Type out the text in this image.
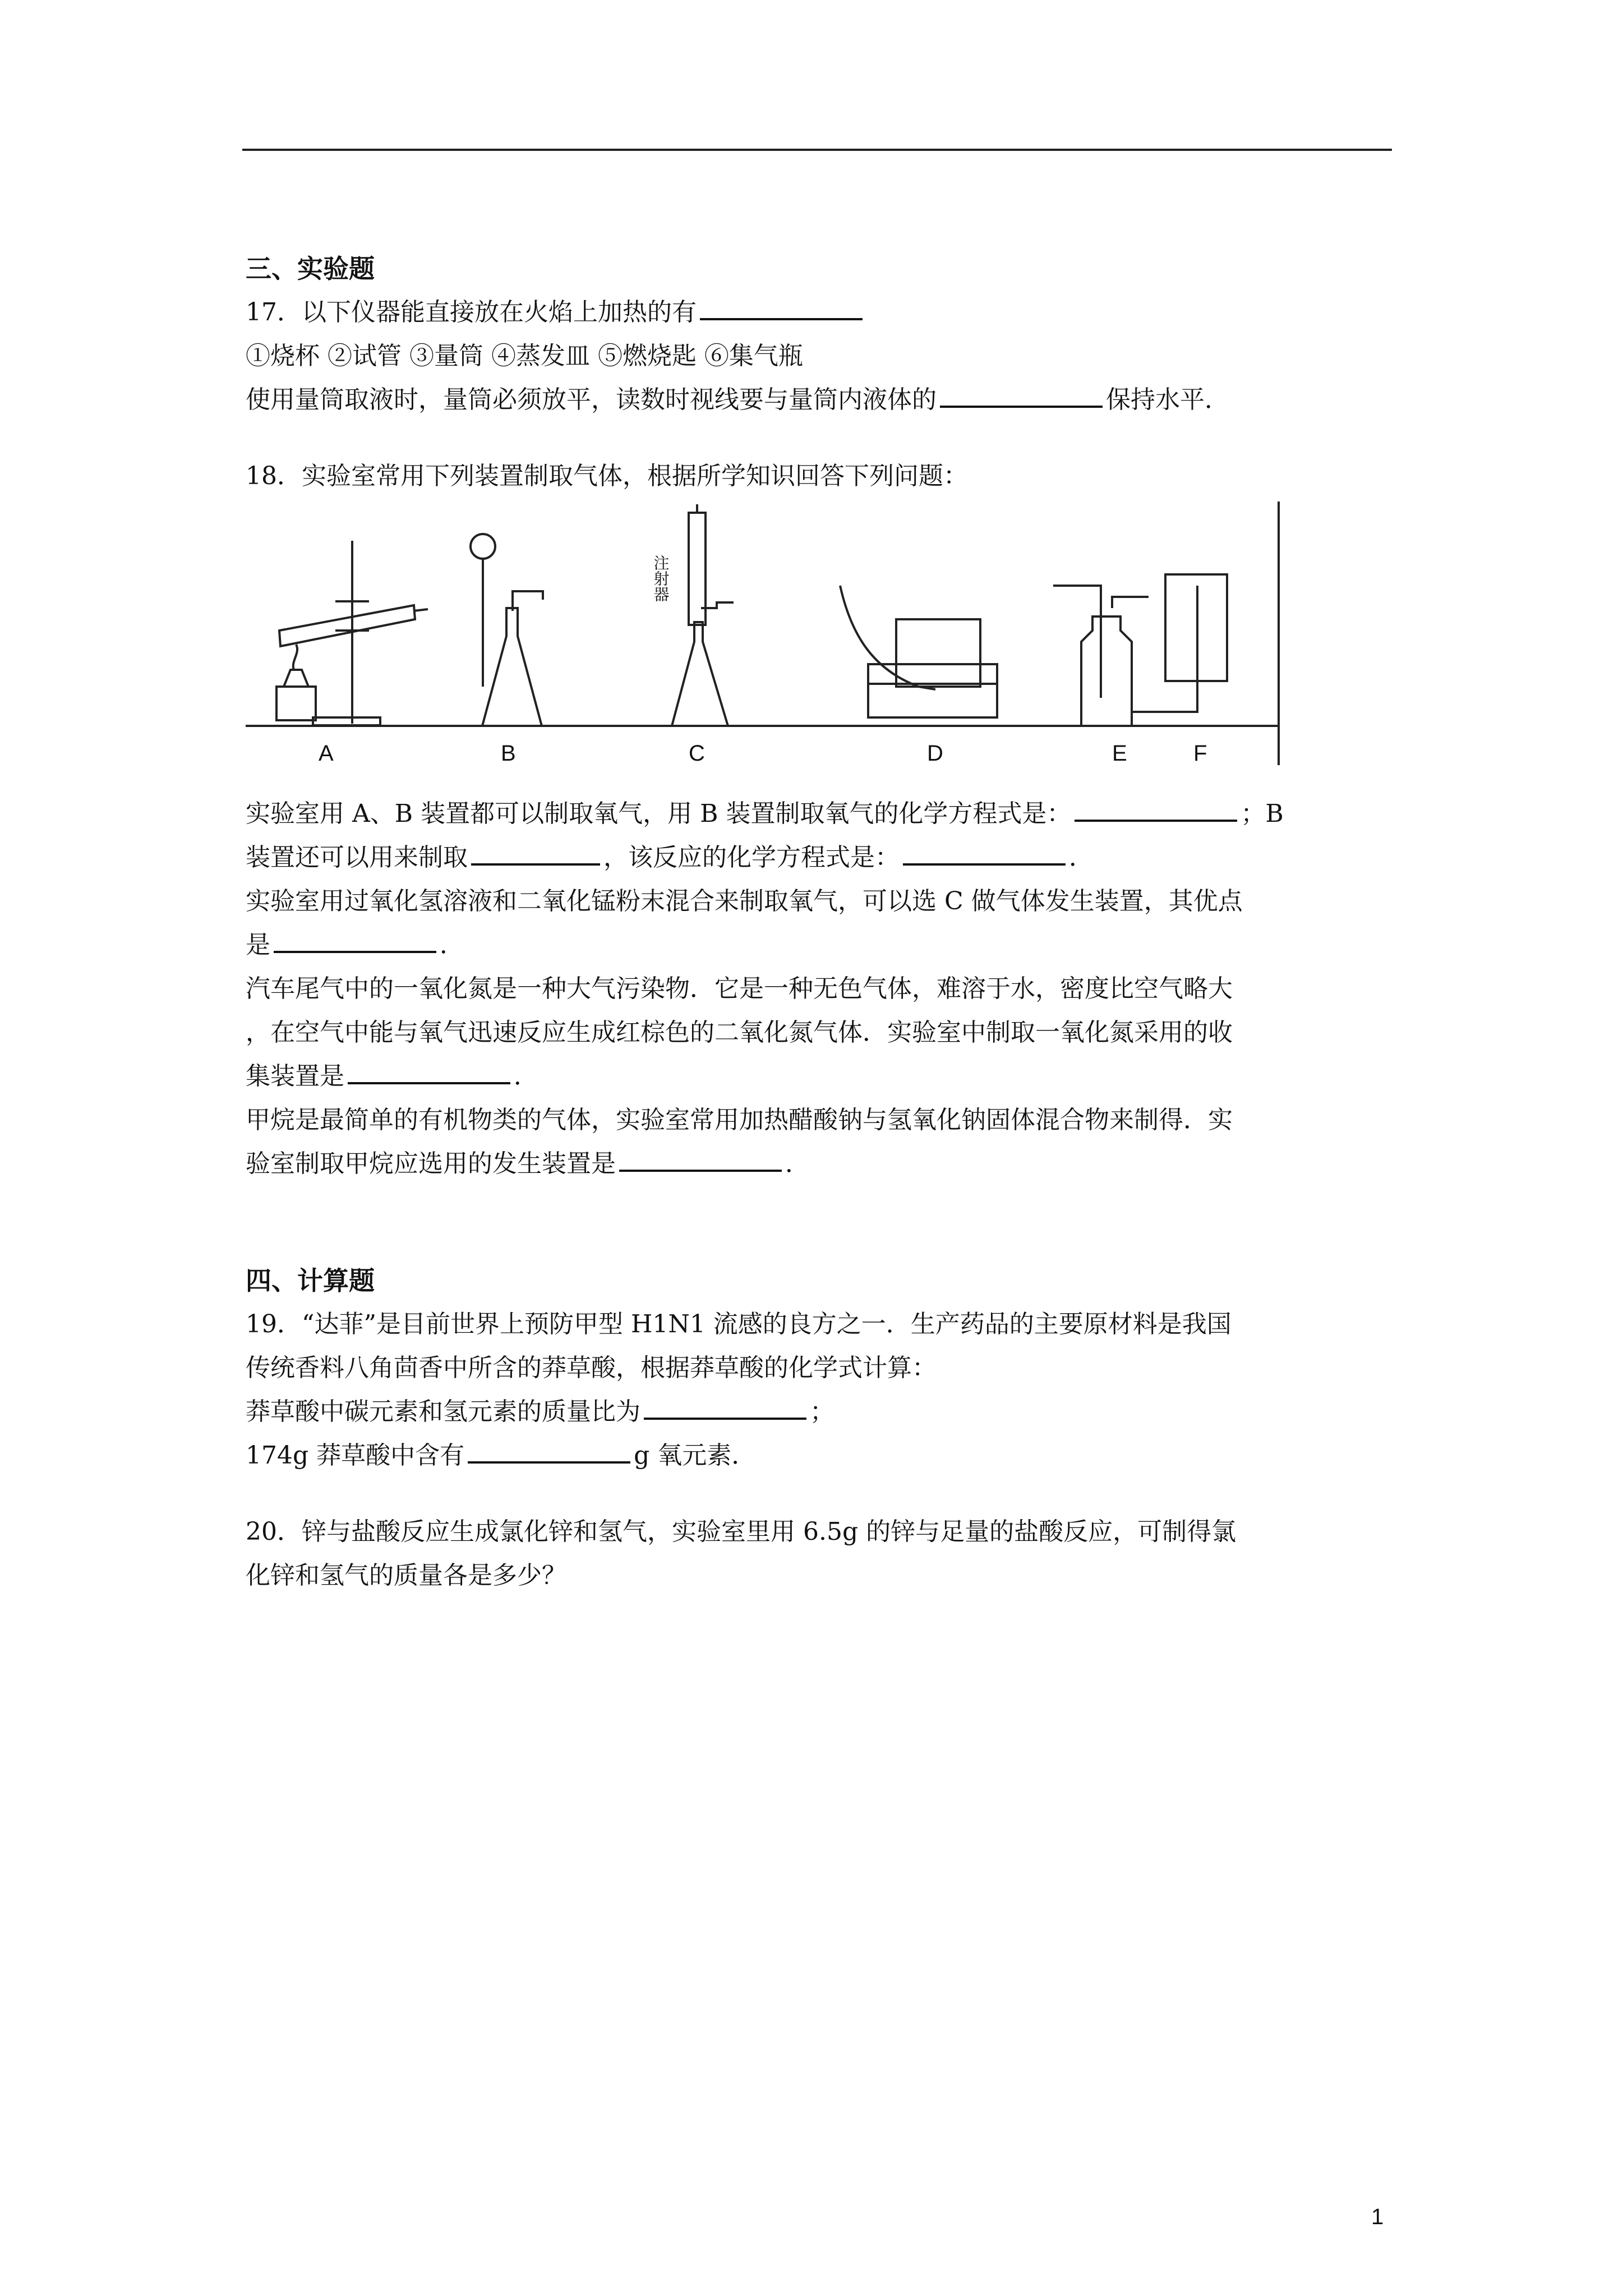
三、实验题

17．以下仪器能直接放在火焰上加热的有

①烧杯 ②试管 ③量筒 ④蒸发皿 ⑤燃烧匙 ⑥集气瓶

使用量筒取液时，量筒必须放平，读数时视线要与量筒内液体的	保持水平．

18．实验室常用下列装置制取气体，根据所学知识回答下列问题：

A	B	C	D	E	F
注射器

实验室用 A、B 装置都可以制取氧气，用 B 装置制取氧气的化学方程式是：	；B

装置还可以用来制取	，该反应的化学方程式是：	．

实验室用过氧化氢溶液和二氧化锰粉末混合来制取氧气，可以选 C 做气体发生装置，其优点

是	．

汽车尾气中的一氧化氮是一种大气污染物．它是一种无色气体，难溶于水，密度比空气略大

，在空气中能与氧气迅速反应生成红棕色的二氧化氮气体．实验室中制取一氧化氮采用的收

集装置是	．

甲烷是最简单的有机物类的气体，实验室常用加热醋酸钠与氢氧化钠固体混合物来制得．实

验室制取甲烷应选用的发生装置是	．

四、计算题

19．“达菲”是目前世界上预防甲型 H1N1 流感的良方之一．生产药品的主要原材料是我国

传统香料八角茴香中所含的莽草酸，根据莽草酸的化学式计算：

莽草酸中碳元素和氢元素的质量比为	；

174g 莽草酸中含有	g 氧元素．

20．锌与盐酸反应生成氯化锌和氢气，实验室里用 6.5g 的锌与足量的盐酸反应，可制得氯

化锌和氢气的质量各是多少？

1
